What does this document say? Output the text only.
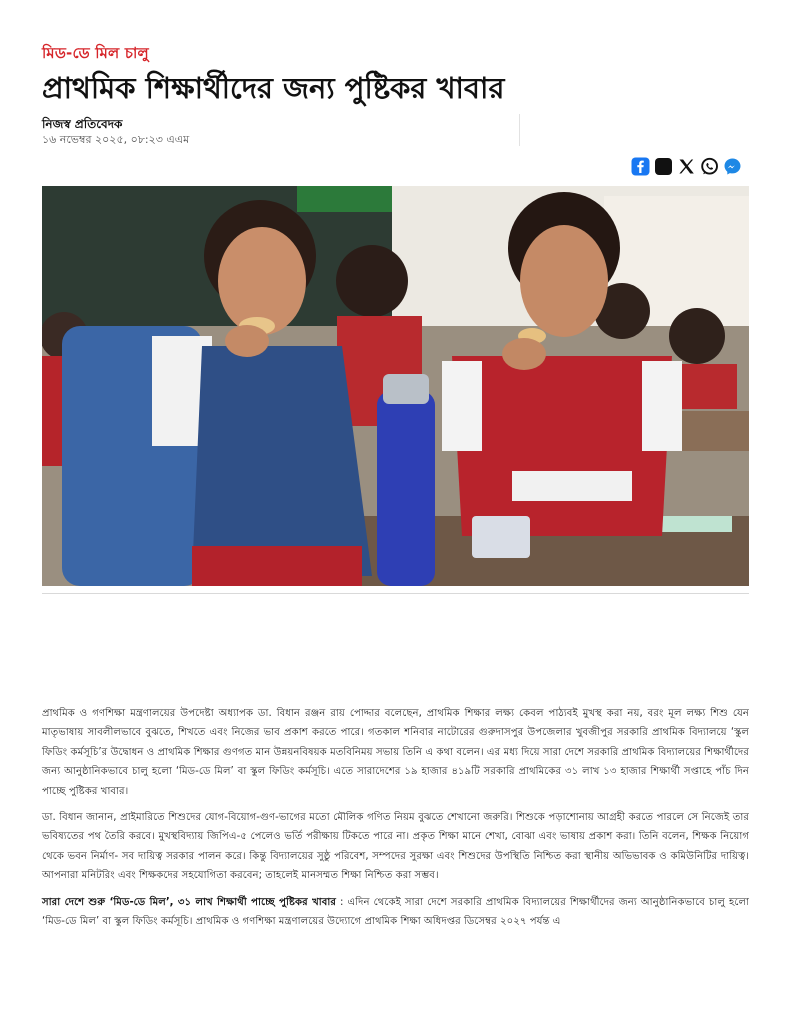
মিড-ডে মিল চালু
প্রাথমিক শিক্ষার্থীদের জন্য পুষ্টিকর খাবার
নিজস্ব প্রতিবেদক
১৬ নভেম্বর ২০২৫, ০৮:২৩ এএম

প্রাথমিক ও গণশিক্ষা মন্ত্রণালয়ের উপদেষ্টা অধ্যাপক ডা. বিধান রঞ্জন রায় পোদ্দার বলেছেন, প্রাথমিক শিক্ষার লক্ষ্য কেবল পাঠ্যবই মুখস্থ করা নয়, বরং মূল লক্ষ্য শিশু যেন মাতৃভাষায় সাবলীলভাবে বুঝতে, শিখতে এবং নিজের ভাব প্রকাশ করতে পারে। গতকাল শনিবার নাটোরের গুরুদাসপুর উপজেলার খুবজীপুর সরকারি প্রাথমিক বিদ্যালয়ে ‘স্কুল ফিডিং কর্মসূচি’র উদ্বোধন ও প্রাথমিক শিক্ষার গুণগত মান উন্নয়নবিষয়ক মতবিনিময় সভায় তিনি এ কথা বলেন। এর মধ্য দিয়ে সারা দেশে সরকারি প্রাথমিক বিদ্যালয়ের শিক্ষার্থীদের জন্য আনুষ্ঠানিকভাবে চালু হলো ‘মিড-ডে মিল’ বা স্কুল ফিডিং কর্মসূচি। এতে সারাদেশের ১৯ হাজার ৪১৯টি সরকারি প্রাথমিকের ৩১ লাখ ১৩ হাজার শিক্ষার্থী সপ্তাহে পাঁচ দিন পাচ্ছে পুষ্টিকর খাবার।

ডা. বিধান জানান, প্রাইমারিতে শিশুদের যোগ-বিয়োগ-গুণ-ভাগের মতো মৌলিক গণিত নিয়ম বুঝতে শেখানো জরুরি। শিশুকে পড়াশোনায় আগ্রহী করতে পারলে সে নিজেই তার ভবিষ্যতের পথ তৈরি করবে। মুখস্থবিদ্যায় জিপিএ-৫ পেলেও ভর্তি পরীক্ষায় টিকতে পারে না। প্রকৃত শিক্ষা মানে শেখা, বোঝা এবং ভাষায় প্রকাশ করা। তিনি বলেন, শিক্ষক নিয়োগ থেকে ভবন নির্মাণ- সব দায়িত্ব সরকার পালন করে। কিন্তু বিদ্যালয়ের সুষ্ঠু পরিবেশ, সম্পদের সুরক্ষা এবং শিশুদের উপস্থিতি নিশ্চিত করা স্থানীয় অভিভাবক ও কমিউনিটির দায়িত্ব। আপনারা মনিটরিং এবং শিক্ষকদের সহযোগিতা করবেন; তাহলেই মানসম্মত শিক্ষা নিশ্চিত করা সম্ভব।

সারা দেশে শুরু ‘মিড-ডে মিল’, ৩১ লাখ শিক্ষার্থী পাচ্ছে পুষ্টিকর খাবার : এদিন থেকেই সারা দেশে সরকারি প্রাথমিক বিদ্যালয়ের শিক্ষার্থীদের জন্য আনুষ্ঠানিকভাবে চালু হলো ‘মিড-ডে মিল’ বা স্কুল ফিডিং কর্মসূচি। প্রাথমিক ও গণশিক্ষা মন্ত্রণালয়ের উদ্যোগে প্রাথমিক শিক্ষা অধিদপ্তর ডিসেম্বর ২০২৭ পর্যন্ত এ
